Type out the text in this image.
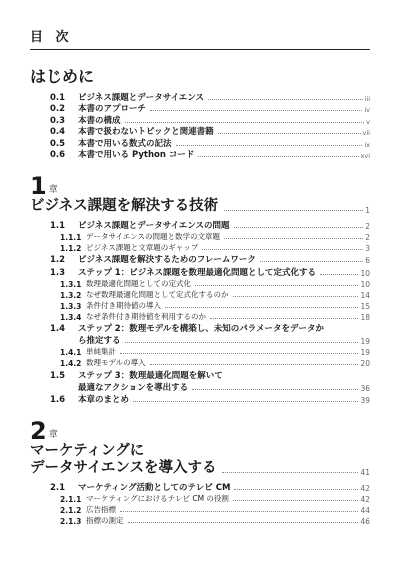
目 次
はじめに
0.1	ビジネス課題とデータサイエンス	iii
0.2	本書のアプローチ	iv
0.3	本書の構成	v
0.4	本書で扱わないトピックと関連書籍	vii
0.5	本書で用いる数式の記法	ix
0.6	本書で用いる Python コード	xvi
1 章
ビジネス課題を解決する技術	1
1.1	ビジネス課題とデータサイエンスの問題	2
1.1.1 データサイエンスの問題と数学の文章題	2
1.1.2 ビジネス課題と文章題のギャップ	3
1.2	ビジネス課題を解決するためのフレームワーク	6
1.3	ステップ 1：ビジネス課題を数理最適化問題として定式化する	10
1.3.1 数理最適化問題としての定式化	10
1.3.2 なぜ数理最適化問題として定式化するのか	14
1.3.3 条件付き期待値の導入	15
1.3.4 なぜ条件付き期待値を利用するのか	18
1.4	ステップ 2：数理モデルを構築し、未知のパラメータをデータか
ら推定する	19
1.4.1 単純集計	19
1.4.2 数理モデルの導入	20
1.5	ステップ 3：数理最適化問題を解いて
最適なアクションを導出する	36
1.6	本章のまとめ	39
2 章
マーケティングに
データサイエンスを導入する	41
2.1	マーケティング活動としてのテレビ CM	42
2.1.1 マーケティングにおけるテレビ CM の役割	42
2.1.2 広告指標	44
2.1.3 指標の測定	46
